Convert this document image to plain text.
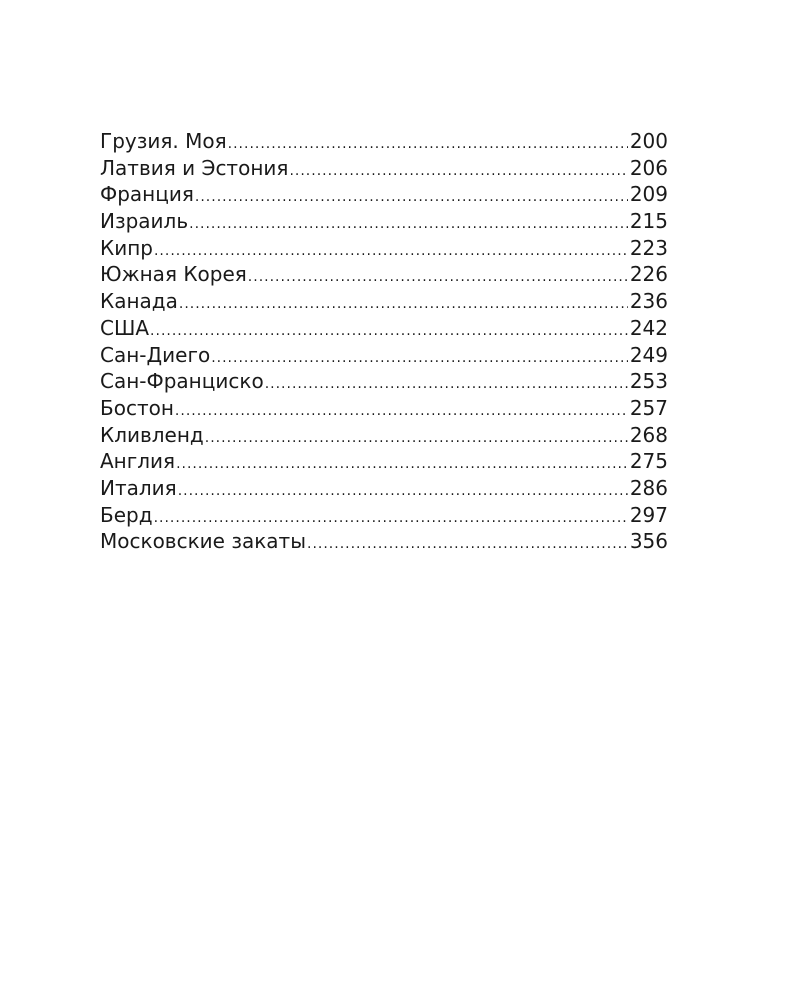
Грузия. Моя .....	200
Латвия и Эстония .....	206
Франция .....	209
Израиль .....	215
Кипр .....	223
Южная Корея .....	226
Канада .....	236
США .....	242
Сан-Диего .....	249
Сан-Франциско .....	253
Бостон .....	257
Кливленд .....	268
Англия .....	275
Италия .....	286
Берд .....	297
Московские закаты .....	356
